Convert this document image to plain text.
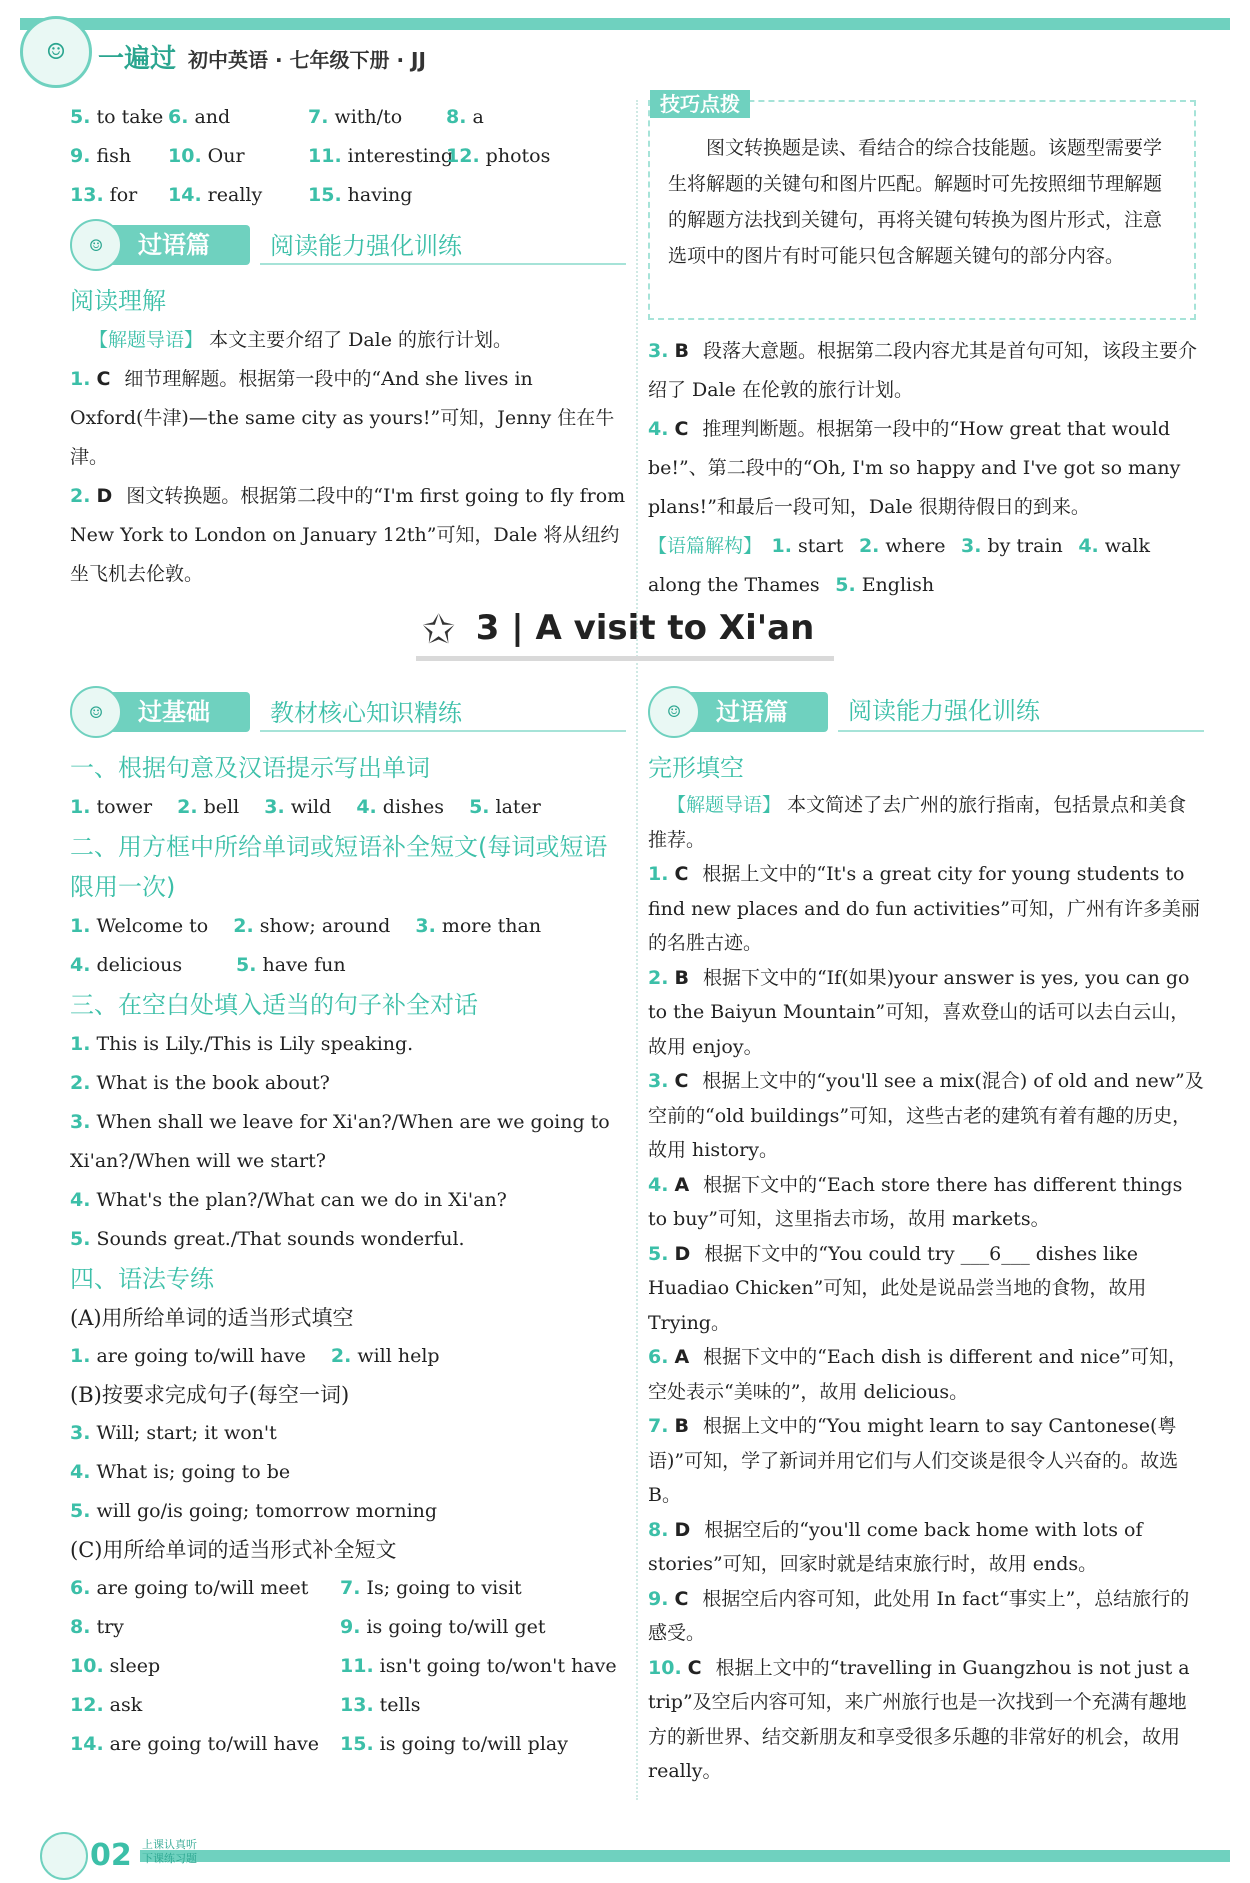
☺	一遍过 初中英语 · 七年级下册 · JJ
5. to take 6. and	7. with/to 8. a
9. fish 10. Our	11. interesting12. photos
13. for 14. really 15. having
过语篇
☺	阅读能力强化训练
阅读理解

 【解题导语】 本文主要介绍了 Dale 的旅行计划。

1. C 细节理解题。根据第一段中的“And she lives in Oxford(牛津)—the same city as yours!”可知，Jenny 住在牛津。

2. D 图文转换题。根据第二段中的“I'm first going to fly from New York to London on January 12th”可知，Dale 将从纽约坐飞机去伦敦。

技巧点拨
图文转换题是读、看结合的综合技能题。该题型需要学生将解题的关键句和图片匹配。解题时可先按照细节理解题的解题方法找到关键句，再将关键句转换为图片形式，注意选项中的图片有时可能只包含解题关键句的部分内容。

3. B 段落大意题。根据第二段内容尤其是首句可知，该段主要介绍了 Dale 在伦敦的旅行计划。

4. C 推理判断题。根据第一段中的“How great that would be!”、第二段中的“Oh, I'm so happy and I've got so many plans!”和最后一段可知，Dale 很期待假日的到来。

【语篇解构】  1. start  2. where  3. by train  4. walk along the Thames  5. English

✩ 3 | A visit to Xi'an
过基础
☺	教材核心知识精练
一、根据句意及汉语提示写出单词
1. tower  2. bell  3. wild  4. dishes  5. later
二、用方框中所给单词或短语补全短文(每词或短语限用一次)
1. Welcome to  2. show; around  3. more than
4. delicious	5. have fun
三、在空白处填入适当的句子补全对话

1. This is Lily./This is Lily speaking.

2. What is the book about?

3. When shall we leave for Xi'an?/When are we going to Xi'an?/When will we start?

4. What's the plan?/What can we do in Xi'an?

5. Sounds great./That sounds wonderful.

四、语法专练
(A)用所给单词的适当形式填空
1. are going to/will have  2. will help
(B)按要求完成句子(每空一词)

3. Will; start; it won't

4. What is; going to be

5. will go/is going; tomorrow morning

(C)用所给单词的适当形式补全短文
6. are going to/will meet 7. Is; going to visit
8. try	9. is going to/will get
10. sleep	11. isn't going to/won't have
12. ask	13. tells
14. are going to/will have 15. is going to/will play
过语篇
☺	阅读能力强化训练
完形填空

 【解题导语】 本文简述了去广州的旅行指南，包括景点和美食推荐。

1. C 根据上文中的“It's a great city for young students to find new places and do fun activities”可知，广州有许多美丽的名胜古迹。

2. B 根据下文中的“If(如果)your answer is yes, you can go to the Baiyun Mountain”可知，喜欢登山的话可以去白云山，故用 enjoy。

3. C 根据上文中的“you'll see a mix(混合) of old and new”及空前的“old buildings”可知，这些古老的建筑有着有趣的历史，故用 history。

4. A 根据下文中的“Each store there has different things to buy”可知，这里指去市场，故用 markets。

5. D 根据下文中的“You could try ___6___ dishes like Huadiao Chicken”可知，此处是说品尝当地的食物，故用 Trying。

6. A 根据下文中的“Each dish is different and nice”可知，空处表示“美味的”，故用 delicious。

7. B 根据上文中的“You might learn to say Cantonese(粤语)”可知，学了新词并用它们与人们交谈是很令人兴奋的。故选 B。

8. D 根据空后的“you'll come back home with lots of stories”可知，回家时就是结束旅行时，故用 ends。

9. C 根据空后内容可知，此处用 In fact“事实上”，总结旅行的感受。

10. C 根据上文中的“travelling in Guangzhou is not just a trip”及空后内容可知，来广州旅行也是一次找到一个充满有趣地方的新世界、结交新朋友和享受很多乐趣的非常好的机会，故用 really。

02 上课认真听
下课练习题
